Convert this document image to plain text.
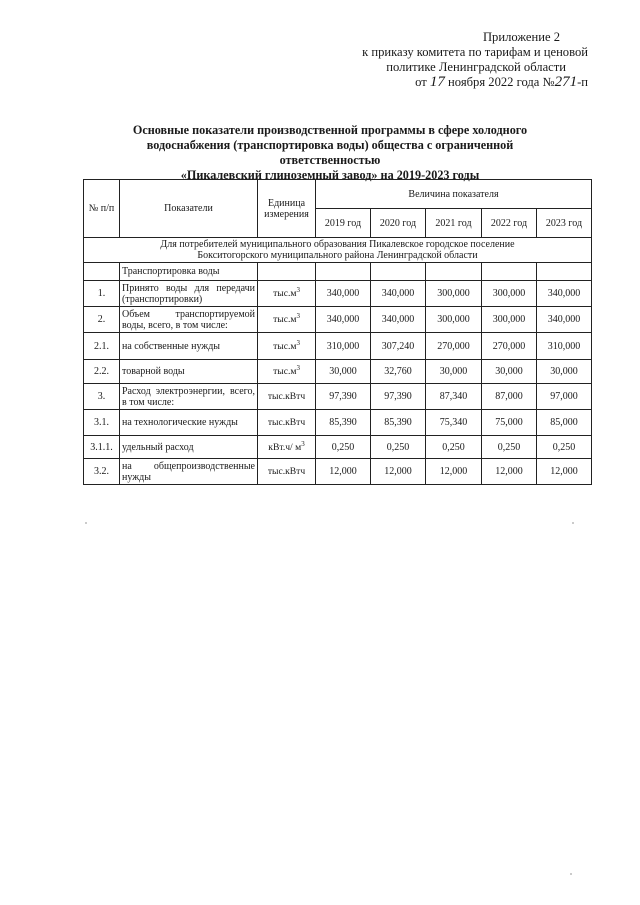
Приложение 2
к приказу комитета по тарифам и ценовой
политике Ленинградской области
от 17 ноября 2022 года №271-п
Основные показатели производственной программы в сфере холодного
водоснабжения (транспортировка воды) общества с ограниченной ответственностью
«Пикалевский глиноземный завод» на 2019-2023 годы
№ п/п	Показатели	Единица измерения	Величина показателя				
			2019 год	2020 год	2021 год	2022 год	2023 год

Для потребителей муниципального образования Пикалевское городское поселение
Бокситогорского муниципального района Ленинградской области							

	Транспортировка воды						
1.	Принято воды для передачи (транспортировки)	$тыс.м^3$	340,000	340,000	300,000	300,000	340,000
2.	Объем транспортируемой воды, всего, в том числе:	$тыс.м^3$	340,000	340,000	300,000	300,000	340,000
2.1.	на собственные нужды	$тыс.м^3$	310,000	307,240	270,000	270,000	310,000
2.2.	товарной воды	$тыс.м^3$	30,000	32,760	30,000	30,000	30,000
3.	Расход электроэнергии, всего, в том числе:	тыс.кВтч	97,390	97,390	87,340	87,000	97,000
3.1.	на технологические нужды	тыс.кВтч	85,390	85,390	75,340	75,000	85,000
3.1.1.	удельный расход	кВт.ч/ $м^3$	0,250	0,250	0,250	0,250	0,250
3.2.	на общепроизводственные нужды	тыс.кВтч	12,000	12,000	12,000	12,000	12,000
